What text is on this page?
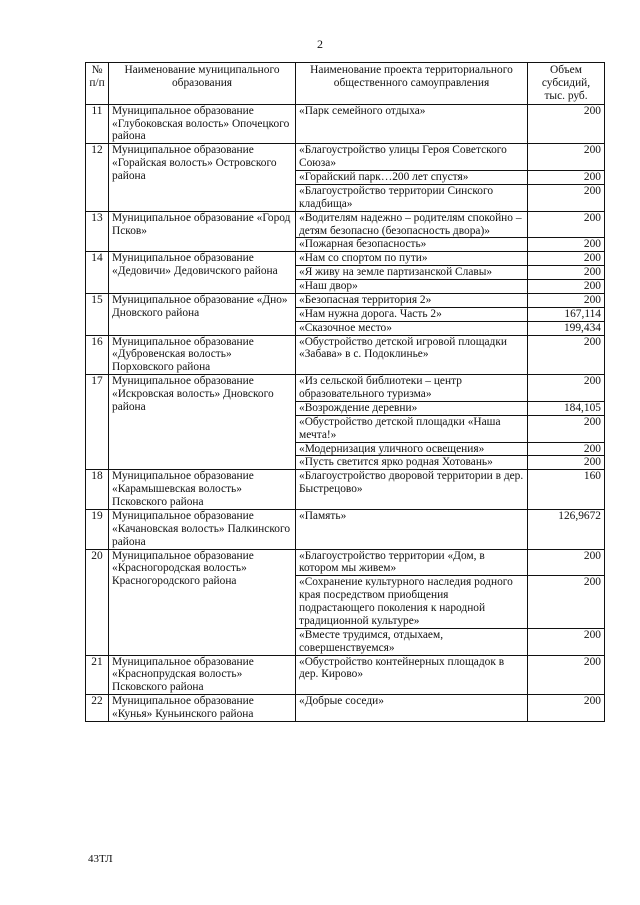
2
№ п/п	Наименование муниципального образования	Наименование проекта территориального общественного самоуправления	Объем субсидий, тыс. руб.
11	Муниципальное образование «Глубоковская волость» Опочецкого района	«Парк семейного отдыха»	200
12	Муниципальное образование «Горайская волость» Островского района	«Благоустройство улицы Героя Советского Союза»	200
		«Горайский парк…200 лет спустя»	200
		«Благоустройство территории Синского кладбища»	200
13	Муниципальное образование «Город Псков»	«Водителям надежно – родителям спокойно – детям безопасно (безопасность двора)»	200
		«Пожарная безопасность»	200
14	Муниципальное образование «Дедовичи» Дедовичского района	«Нам со спортом по пути»	200
		«Я живу на земле партизанской Славы»	200
		«Наш двор»	200
15	Муниципальное образование «Дно» Дновского района	«Безопасная территория 2»	200
		«Нам нужна дорога. Часть 2»	167,114
		«Сказочное место»	199,434
16	Муниципальное образование «Дубровенская волость» Порховского района	«Обустройство детской игровой площадки «Забава» в с. Подоклинье»	200
17	Муниципальное образование «Искровская волость» Дновского района	«Из сельской библиотеки – центр образовательного туризма»	200
		«Возрождение деревни»	184,105
		«Обустройство детской площадки «Наша мечта!»	200
		«Модернизация уличного освещения»	200
		«Пусть светится ярко родная Хотовань»	200
18	Муниципальное образование «Карамышевская волость» Псковского района	«Благоустройство дворовой территории в дер. Быстрецово»	160
19	Муниципальное образование «Качановская волость» Палкинского района	«Память»	126,9672
20	Муниципальное образование «Красногородская волость» Красногородского района	«Благоустройство территории «Дом, в котором мы живем»	200
		«Сохранение культурного наследия родного края посредством приобщения подрастающего поколения к народной традиционной культуре»	200
		«Вместе трудимся, отдыхаем, совершенствуемся»	200
21	Муниципальное образование «Краснопрудская волость» Псковского района	«Обустройство контейнерных площадок в дер. Кирово»	200
22	Муниципальное образование «Кунья» Куньинского района	«Добрые соседи»	200
43ТЛ
